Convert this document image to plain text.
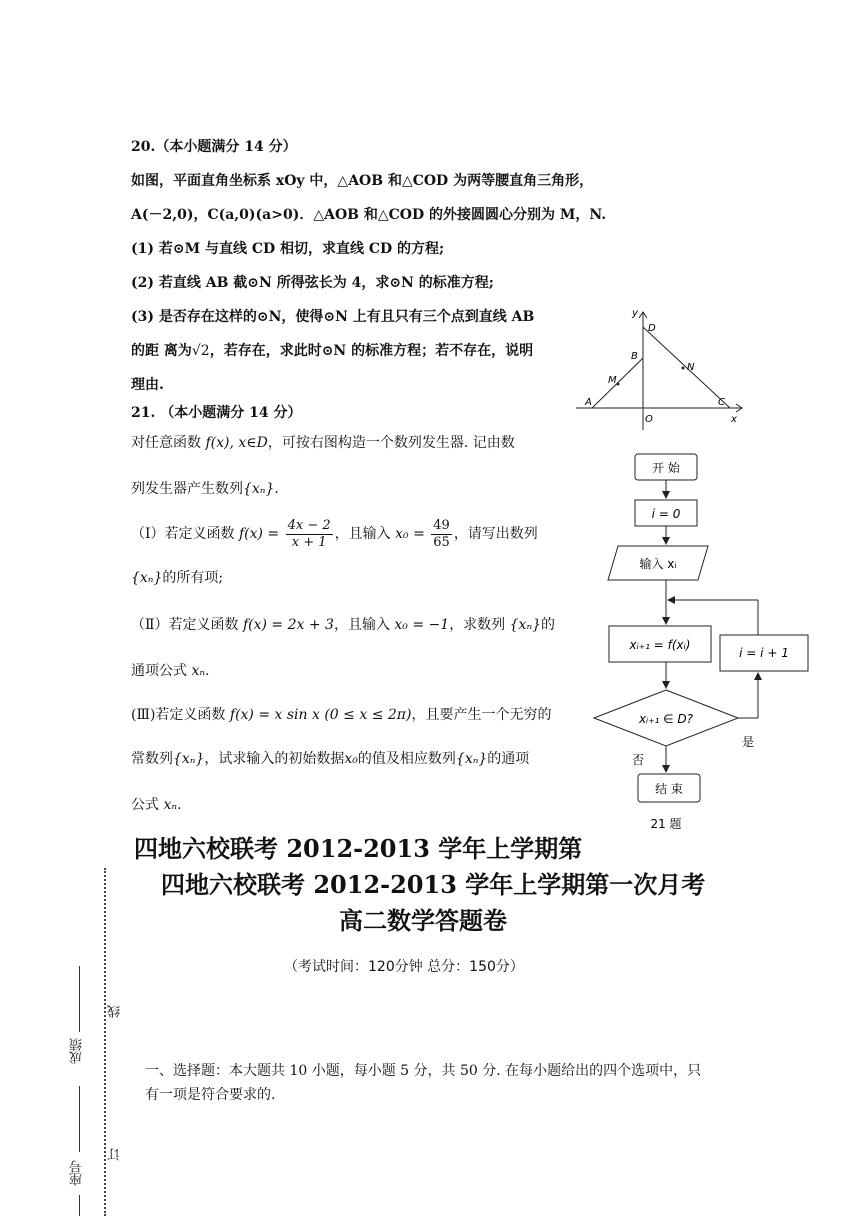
20.（本小题满分 14 分）
如图，平面直角坐标系 xOy 中，△AOB 和△COD 为两等腰直角三角形，
A(－2,0)，C(a,0)(a>0)．△AOB 和△COD 的外接圆圆心分别为 M，N.
(1) 若⊙M 与直线 CD 相切，求直线 CD 的方程;
(2) 若直线 AB 截⊙N 所得弦长为 4，求⊙N 的标准方程;
(3) 是否存在这样的⊙N，使得⊙N 上有且只有三个点到直线 AB
的距 离为√2，若存在，求此时⊙N 的标准方程；若不存在，说明
理由.
21. （本小题满分 14 分）
对任意函数 f(x), x∈D，可按右图构造一个数列发生器. 记由数
列发生器产生数列{xₙ}.
（Ⅰ）若定义函数 $f(x) = \frac{4x - 2}{x + 1}$ ，且输入 $x_0 = \frac{49}{65}$ ，请写出数列
{xₙ}的所有项;
（Ⅱ）若定义函数 f(x) = 2x + 3，且输入 x₀ = −1，求数列 {xₙ}的
通项公式 xₙ.
(Ⅲ)若定义函数 f(x) = x sin x (0 ≤ x ≤ 2π)，且要产生一个无穷的
常数列{xₙ}，试求输入的初始数据x₀的值及相应数列{xₙ}的通项
公式 xₙ.
y
x
D
B
N
M
A
O
C
开 始
i = 0
输入 xᵢ
xᵢ₊₁ = f(xᵢ)
i = i + 1
xᵢ₊₁ ∈ D?
是
否
结 束
21 题
四地六校联考 2012-2013 学年上学期第
四地六校联考 2012-2013 学年上学期第一次月考
高二数学答题卷
（考试时间：120分钟 总分：150分）
一、选择题：本大题共 10 小题，每小题 5 分，共 50 分. 在每小题给出的四个选项中，只
有一项是符合要求的.
成绩
座号
线
订
